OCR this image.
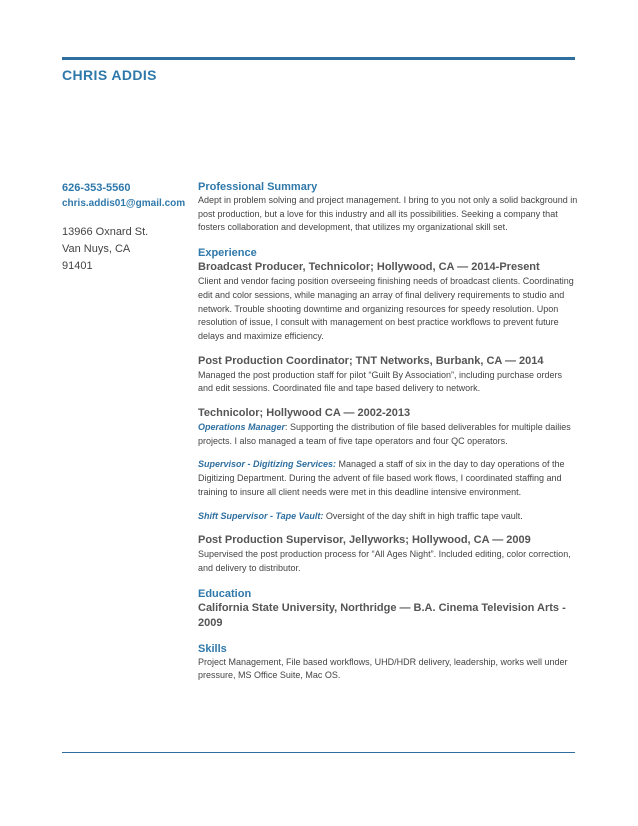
CHRIS ADDIS
626-353-5560
chris.addis01@gmail.com
13966 Oxnard St.
Van Nuys, CA
91401
Professional Summary
Adept in problem solving and project management. I bring to you not only a solid background in post production, but a love for this industry and all its possibilities. Seeking a company that fosters collaboration and development, that utilizes my organizational skill set.
Experience
Broadcast Producer, Technicolor; Hollywood, CA — 2014-Present
Client and vendor facing position overseeing finishing needs of broadcast clients. Coordinating edit and color sessions, while managing an array of final delivery requirements to studio and network. Trouble shooting downtime and organizing resources for speedy resolution. Upon resolution of issue, I consult with management on best practice workflows to prevent future delays and maximize efficiency.
Post Production Coordinator; TNT Networks, Burbank, CA — 2014
Managed the post production staff for pilot “Guilt By Association”, including purchase orders and edit sessions. Coordinated file and tape based delivery to network.
Technicolor; Hollywood CA — 2002-2013
Operations Manager: Supporting the distribution of file based deliverables for multiple dailies projects. I also managed a team of five tape operators and four QC operators.
Supervisor - Digitizing Services: Managed a staff of six in the day to day operations of the Digitizing Department. During the advent of file based work flows, I coordinated staffing and training to insure all client needs were met in this deadline intensive environment.
Shift Supervisor - Tape Vault: Oversight of the day shift in high traffic tape vault.
Post Production Supervisor, Jellyworks; Hollywood, CA — 2009
Supervised the post production process for “All Ages Night”. Included editing, color correction, and delivery to distributor.
Education
California State University, Northridge — B.A. Cinema Television Arts - 2009
Skills
Project Management, File based workflows, UHD/HDR delivery, leadership, works well under pressure, MS Office Suite, Mac OS.
